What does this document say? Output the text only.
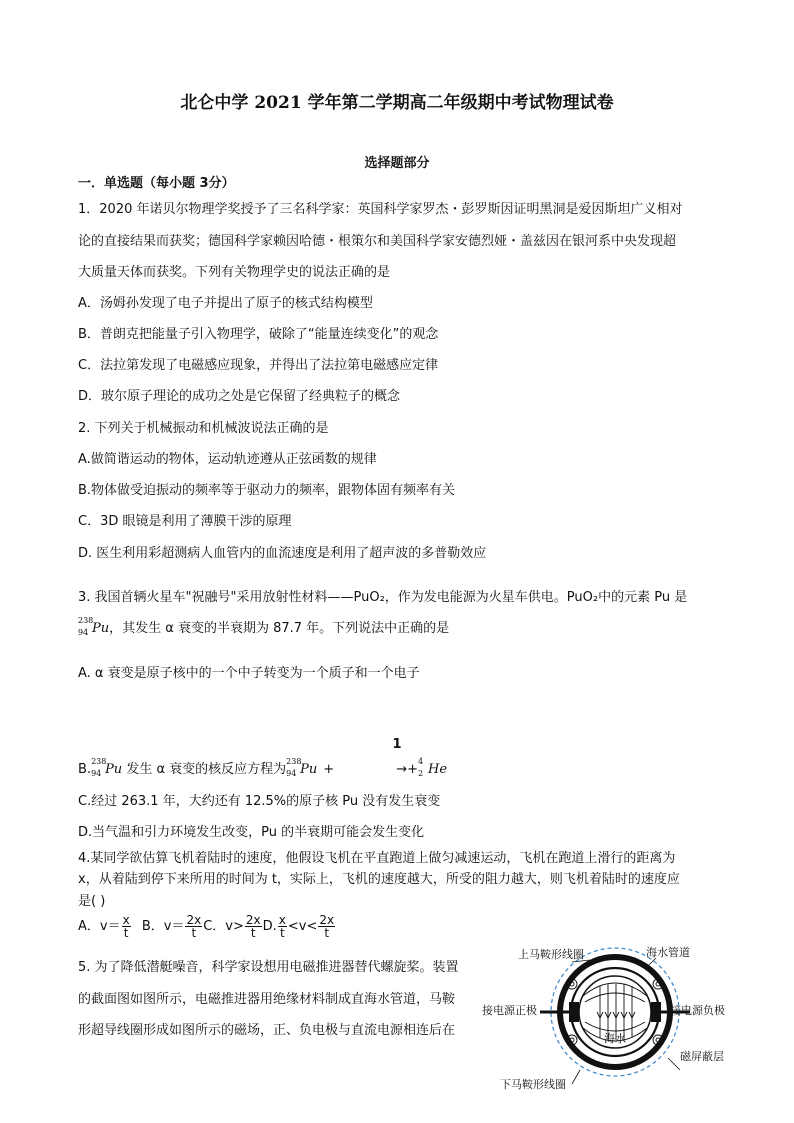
北仑中学 2021 学年第二学期高二年级期中考试物理试卷
选择题部分
一．单选题（每小题 3分）
1．2020 年诺贝尔物理学奖授予了三名科学家：英国科学家罗杰・彭罗斯因证明黑洞是爱因斯坦广义相对
论的直接结果而获奖；德国科学家赖因哈德・根策尔和美国科学家安德烈娅・盖兹因在银河系中央发现超
大质量天体而获奖。下列有关物理学史的说法正确的是
A．汤姆孙发现了电子并提出了原子的核式结构模型
B．普朗克把能量子引入物理学，破除了“能量连续变化”的观念
C．法拉第发现了电磁感应现象，并得出了法拉第电磁感应定律
D．玻尔原子理论的成功之处是它保留了经典粒子的概念
2. 下列关于机械振动和机械波说法正确的是
A.做简谐运动的物体，运动轨迹遵从正弦函数的规律
B.物体做受迫振动的频率等于驱动力的频率，跟物体固有频率有关
C．3D 眼镜是利用了薄膜干涉的原理
D. 医生利用彩超测病人血管内的血流速度是利用了超声波的多普勒效应
3. 我国首辆火星车"祝融号"采用放射性材料——PuO₂，作为发电能源为火星车供电。PuO₂中的元素 Pu 是
238
94 Pu，其发生 α 衰变的半衰期为 87.7 年。下列说法中正确的是
A. α 衰变是原子核中的一个中子转变为一个质子和一个电子
1
B.
238
94 Pu 发生 α 衰变的核反应方程为
238
94 Pu +	→+
4
2 He
C.经过 263.1 年，大约还有 12.5%的原子核 Pu 没有发生衰变
D.当气温和引力环境发生改变，Pu 的半衰期可能会发生变化
4.某同学欲估算飞机着陆时的速度，他假设飞机在平直跑道上做匀减速运动，飞机在跑道上滑行的距离为
x，从着陆到停下来所用的时间为 t，实际上，飞机的速度越大，所受的阻力越大，则飞机着陆时的速度应
是( )
A．$v= \frac{x}{t}$ B．$v= \frac{2x}{t}$ C．$v> \frac{2x}{t} D$. $\frac{x}{t} <v< \frac{2x}{t}$
5. 为了降低潜艇噪音，科学家设想用电磁推进器替代螺旋桨。装置
的截面图如图所示，电磁推进器用绝缘材料制成直海水管道，马鞍
形超导线圈形成如图所示的磁场，正、负电极与直流电源相连后在
上马鞍形线圈	海水管道
接电源正极	接电源负极
海水
磁屏蔽层
下马鞍形线圈
